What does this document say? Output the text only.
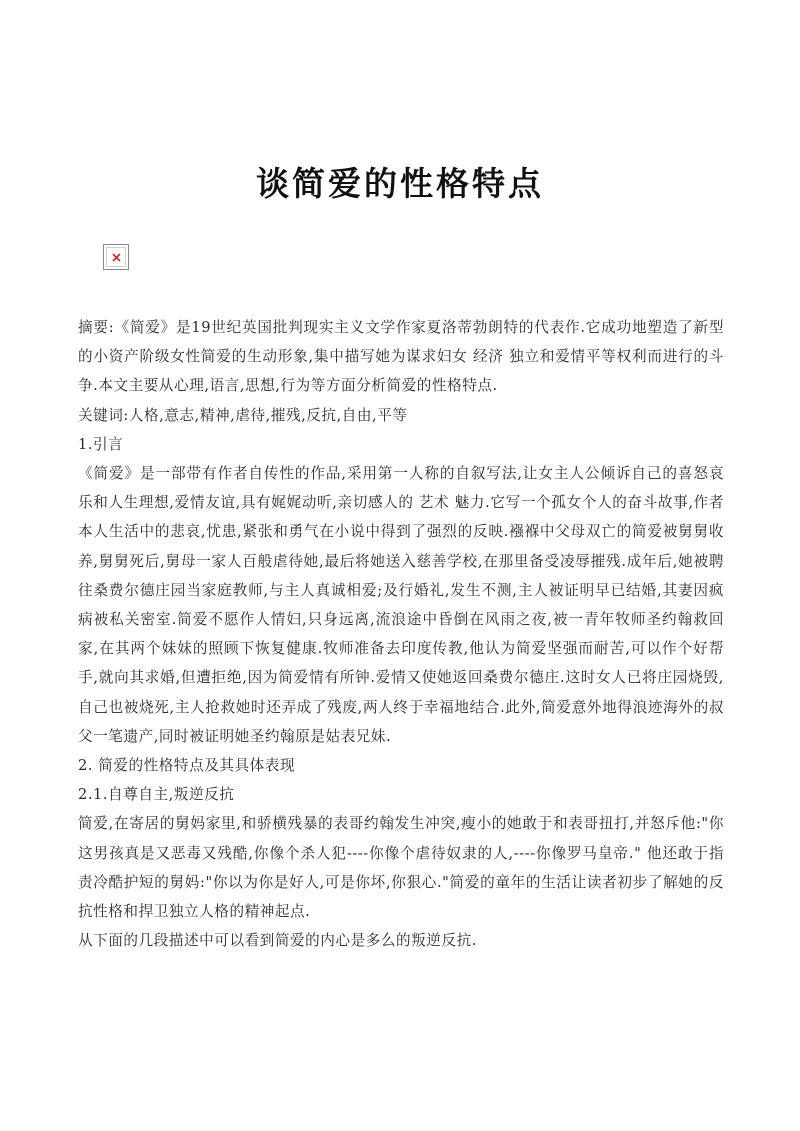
谈简爱的性格特点

摘要:《简爱》是19世纪英国批判现实主义文学作家夏洛蒂勃朗特的代表作.它成功地塑造了新型的小资产阶级女性简爱的生动形象,集中描写她为谋求妇女 经济 独立和爱情平等权利而进行的斗争.本文主要从心理,语言,思想,行为等方面分析简爱的性格特点.

关键词:人格,意志,精神,虐待,摧残,反抗,自由,平等

1.引言

《简爱》是一部带有作者自传性的作品,采用第一人称的自叙写法,让女主人公倾诉自己的喜怒哀乐和人生理想,爱情友谊,具有娓娓动听,亲切感人的 艺术 魅力.它写一个孤女个人的奋斗故事,作者本人生活中的悲哀,忧患,紧张和勇气在小说中得到了强烈的反映.襁褓中父母双亡的简爱被舅舅收养,舅舅死后,舅母一家人百般虐待她,最后将她送入慈善学校,在那里备受凌辱摧残.成年后,她被聘往桑费尔德庄园当家庭教师,与主人真诚相爱;及行婚礼,发生不测,主人被证明早已结婚,其妻因疯病被私关密室.简爱不愿作人情妇,只身远离,流浪途中昏倒在风雨之夜,被一青年牧师圣约翰救回家,在其两个妹妹的照顾下恢复健康.牧师准备去印度传教,他认为简爱坚强而耐苦,可以作个好帮手,就向其求婚,但遭拒绝,因为简爱情有所钟.爱情又使她返回桑费尔德庄.这时女人已将庄园烧毁,自己也被烧死,主人抢救她时还弄成了残废,两人终于幸福地结合.此外,简爱意外地得浪迹海外的叔父一笔遗产,同时被证明她圣约翰原是姑表兄妹.

2. 简爱的性格特点及其具体表现

2.1.自尊自主,叛逆反抗

简爱,在寄居的舅妈家里,和骄横残暴的表哥约翰发生冲突,瘦小的她敢于和表哥扭打,并怒斥他:"你这男孩真是又恶毒又残酷,你像个杀人犯----你像个虐待奴隶的人,----你像罗马皇帝." 他还敢于指责冷酷护短的舅妈:"你以为你是好人,可是你坏,你狠心."简爱的童年的生活让读者初步了解她的反抗性格和捍卫独立人格的精神起点.

从下面的几段描述中可以看到简爱的内心是多么的叛逆反抗.
